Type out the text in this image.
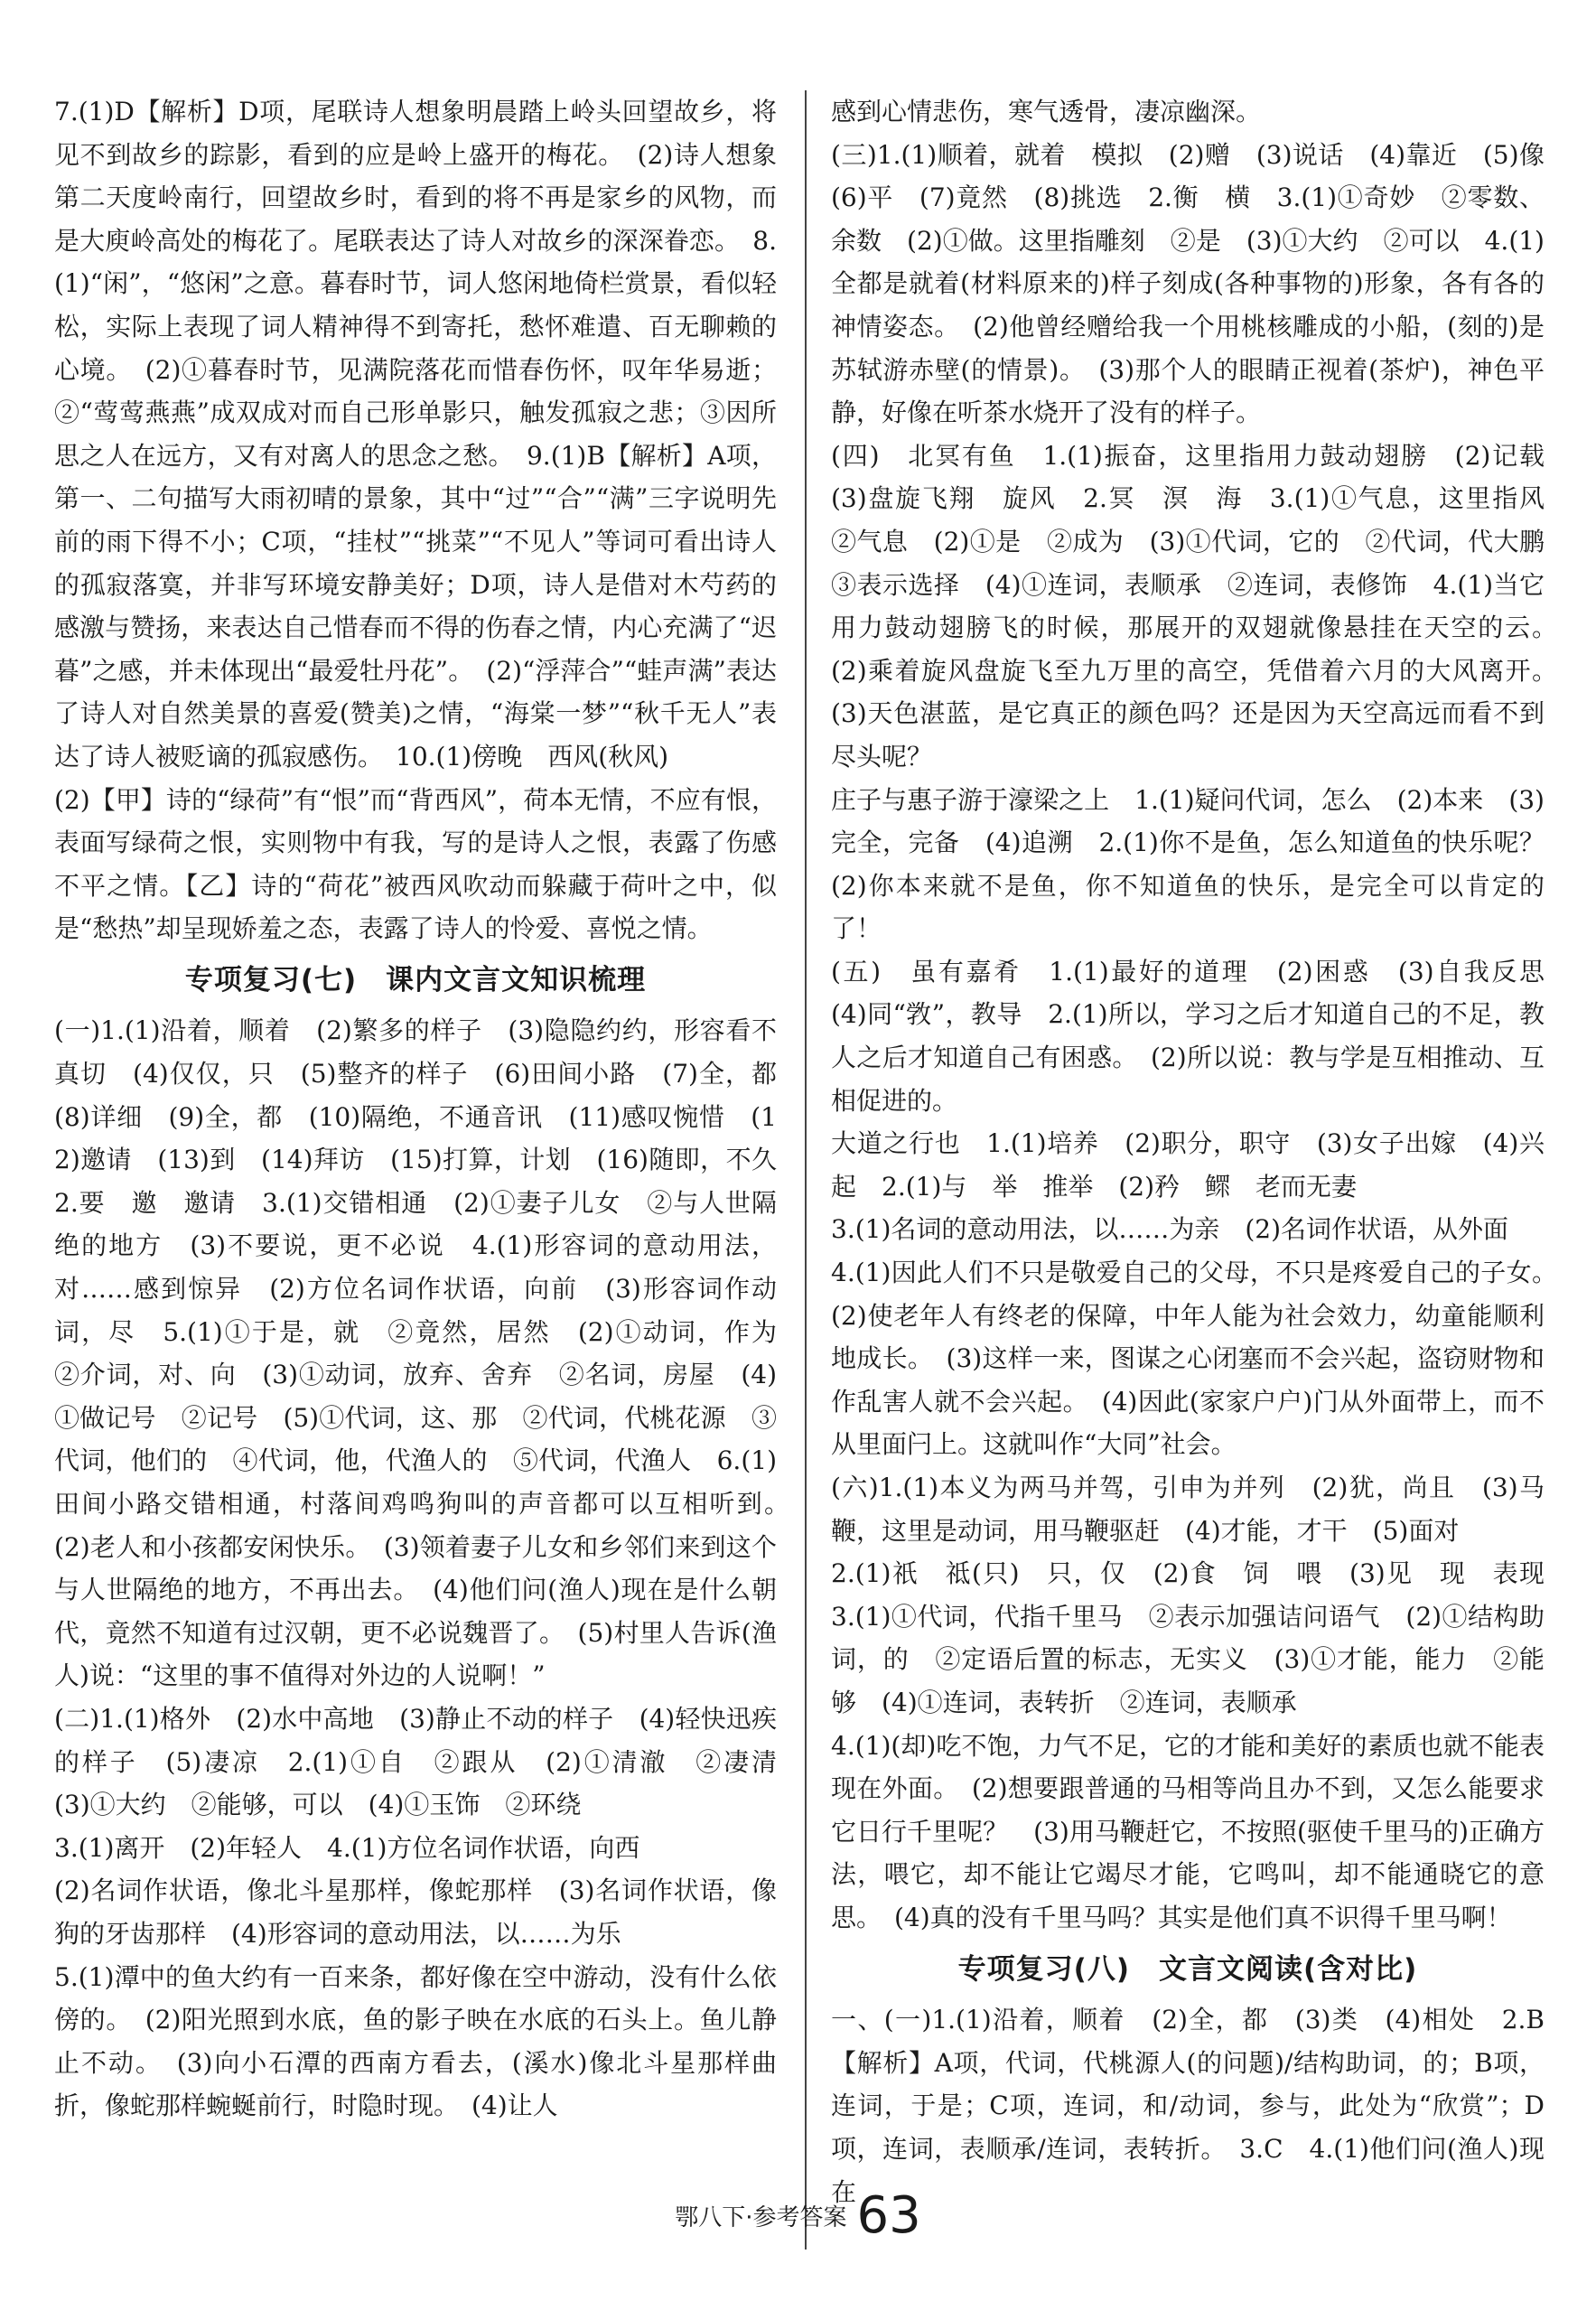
7.(1)D【解析】D项，尾联诗人想象明晨踏上岭头回望故乡，将见不到故乡的踪影，看到的应是岭上盛开的梅花。　(2)诗人想象第二天度岭南行，回望故乡时，看到的将不再是家乡的风物，而是大庾岭高处的梅花了。尾联表达了诗人对故乡的深深眷恋。　8.(1)“闲”，“悠闲”之意。暮春时节，词人悠闲地倚栏赏景，看似轻松，实际上表现了词人精神得不到寄托，愁怀难遣、百无聊赖的心境。　(2)①暮春时节，见满院落花而惜春伤怀，叹年华易逝；②“莺莺燕燕”成双成对而自己形单影只，触发孤寂之悲；③因所思之人在远方，又有对离人的思念之愁。　9.(1)B【解析】A项，第一、二句描写大雨初晴的景象，其中“过”“合”“满”三字说明先前的雨下得不小；C项，“挂杖”“挑菜”“不见人”等词可看出诗人的孤寂落寞，并非写环境安静美好；D项，诗人是借对木芍药的感激与赞扬，来表达自己惜春而不得的伤春之情，内心充满了“迟暮”之感，并未体现出“最爱牡丹花”。　(2)“浮萍合”“蛙声满”表达了诗人对自然美景的喜爱(赞美)之情，“海棠一梦”“秋千无人”表达了诗人被贬谪的孤寂感伤。　10.(1)傍晚　西风(秋风)

(2)【甲】诗的“绿荷”有“恨”而“背西风”，荷本无情，不应有恨，表面写绿荷之恨，实则物中有我，写的是诗人之恨，表露了伤感不平之情。【乙】诗的“荷花”被西风吹动而躲藏于荷叶之中，似是“愁热”却呈现娇羞之态，表露了诗人的怜爱、喜悦之情。

专项复习(七)　课内文言文知识梳理

(一)1.(1)沿着，顺着　(2)繁多的样子　(3)隐隐约约，形容看不真切　(4)仅仅，只　(5)整齐的样子　(6)田间小路　(7)全，都　(8)详细　(9)全，都　(10)隔绝，不通音讯　(11)感叹惋惜　(12)邀请　(13)到　(14)拜访　(15)打算，计划　(16)随即，不久　2.要　邀　邀请　3.(1)交错相通　(2)①妻子儿女　②与人世隔绝的地方　(3)不要说，更不必说　4.(1)形容词的意动用法，对……感到惊异　(2)方位名词作状语，向前　(3)形容词作动词，尽　5.(1)①于是，就　②竟然，居然　(2)①动词，作为　②介词，对、向　(3)①动词，放弃、舍弃　②名词，房屋　(4)①做记号　②记号　(5)①代词，这、那　②代词，代桃花源　③代词，他们的　④代词，他，代渔人的　⑤代词，代渔人　6.(1)田间小路交错相通，村落间鸡鸣狗叫的声音都可以互相听到。　(2)老人和小孩都安闲快乐。　(3)领着妻子儿女和乡邻们来到这个与人世隔绝的地方，不再出去。　(4)他们问(渔人)现在是什么朝代，竟然不知道有过汉朝，更不必说魏晋了。　(5)村里人告诉(渔人)说：“这里的事不值得对外边的人说啊！”

(二)1.(1)格外　(2)水中高地　(3)静止不动的样子　(4)轻快迅疾的样子　(5)凄凉　2.(1)①自　②跟从　(2)①清澈　②凄清　(3)①大约　②能够，可以　(4)①玉饰　②环绕

3.(1)离开　(2)年轻人　4.(1)方位名词作状语，向西

(2)名词作状语，像北斗星那样，像蛇那样　(3)名词作状语，像狗的牙齿那样　(4)形容词的意动用法，以……为乐

5.(1)潭中的鱼大约有一百来条，都好像在空中游动，没有什么依傍的。　(2)阳光照到水底，鱼的影子映在水底的石头上。鱼儿静止不动。　(3)向小石潭的西南方看去，(溪水)像北斗星那样曲折，像蛇那样蜿蜒前行，时隐时现。　(4)让人

感到心情悲伤，寒气透骨，凄凉幽深。

(三)1.(1)顺着，就着　模拟　(2)赠　(3)说话　(4)靠近　(5)像　(6)平　(7)竟然　(8)挑选　2.衡　横　3.(1)①奇妙　②零数、余数　(2)①做。这里指雕刻　②是　(3)①大约　②可以　4.(1)全都是就着(材料原来的)样子刻成(各种事物的)形象，各有各的神情姿态。　(2)他曾经赠给我一个用桃核雕成的小船，(刻的)是苏轼游赤壁(的情景)。　(3)那个人的眼睛正视着(茶炉)，神色平静，好像在听茶水烧开了没有的样子。

(四)　北冥有鱼　1.(1)振奋，这里指用力鼓动翅膀　(2)记载　(3)盘旋飞翔　旋风　2.冥　溟　海　3.(1)①气息，这里指风　②气息　(2)①是　②成为　(3)①代词，它的　②代词，代大鹏　③表示选择　(4)①连词，表顺承　②连词，表修饰　4.(1)当它用力鼓动翅膀飞的时候，那展开的双翅就像悬挂在天空的云。　(2)乘着旋风盘旋飞至九万里的高空，凭借着六月的大风离开。　(3)天色湛蓝，是它真正的颜色吗？还是因为天空高远而看不到尽头呢？

庄子与惠子游于濠梁之上　1.(1)疑问代词，怎么　(2)本来　(3)完全，完备　(4)追溯　2.(1)你不是鱼，怎么知道鱼的快乐呢？　(2)你本来就不是鱼，你不知道鱼的快乐，是完全可以肯定的了！

(五)　虽有嘉肴　1.(1)最好的道理　(2)困惑　(3)自我反思　(4)同“敩”，教导　2.(1)所以，学习之后才知道自己的不足，教人之后才知道自己有困惑。　(2)所以说：教与学是互相推动、互相促进的。

大道之行也　1.(1)培养　(2)职分，职守　(3)女子出嫁　(4)兴起　2.(1)与　举　推举　(2)矜　鳏　老而无妻

3.(1)名词的意动用法，以……为亲　(2)名词作状语，从外面

4.(1)因此人们不只是敬爱自己的父母，不只是疼爱自己的子女。　(2)使老年人有终老的保障，中年人能为社会效力，幼童能顺利地成长。　(3)这样一来，图谋之心闭塞而不会兴起，盗窃财物和作乱害人就不会兴起。　(4)因此(家家户户)门从外面带上，而不从里面闩上。这就叫作“大同”社会。

(六)1.(1)本义为两马并驾，引申为并列　(2)犹，尚且　(3)马鞭，这里是动词，用马鞭驱赶　(4)才能，才干　(5)面对

2.(1)祇　祗(只)　只，仅　(2)食　饲　喂　(3)见　现　表现　3.(1)①代词，代指千里马　②表示加强诘问语气　(2)①结构助词，的　②定语后置的标志，无实义　(3)①才能，能力　②能够　(4)①连词，表转折　②连词，表顺承

4.(1)(却)吃不饱，力气不足，它的才能和美好的素质也就不能表现在外面。　(2)想要跟普通的马相等尚且办不到，又怎么能要求它日行千里呢？　(3)用马鞭赶它，不按照(驱使千里马的)正确方法，喂它，却不能让它竭尽才能，它鸣叫，却不能通晓它的意思。　(4)真的没有千里马吗？其实是他们真不识得千里马啊！

专项复习(八)　文言文阅读(含对比)

一、(一)1.(1)沿着，顺着　(2)全，都　(3)类　(4)相处　2.B【解析】A项，代词，代桃源人(的问题)/结构助词，的；B项，连词，于是；C项，连词，和/动词，参与，此处为“欣赏”；D项，连词，表顺承/连词，表转折。　3.C　4.(1)他们问(渔人)现在

鄂八下·参考答案 63
